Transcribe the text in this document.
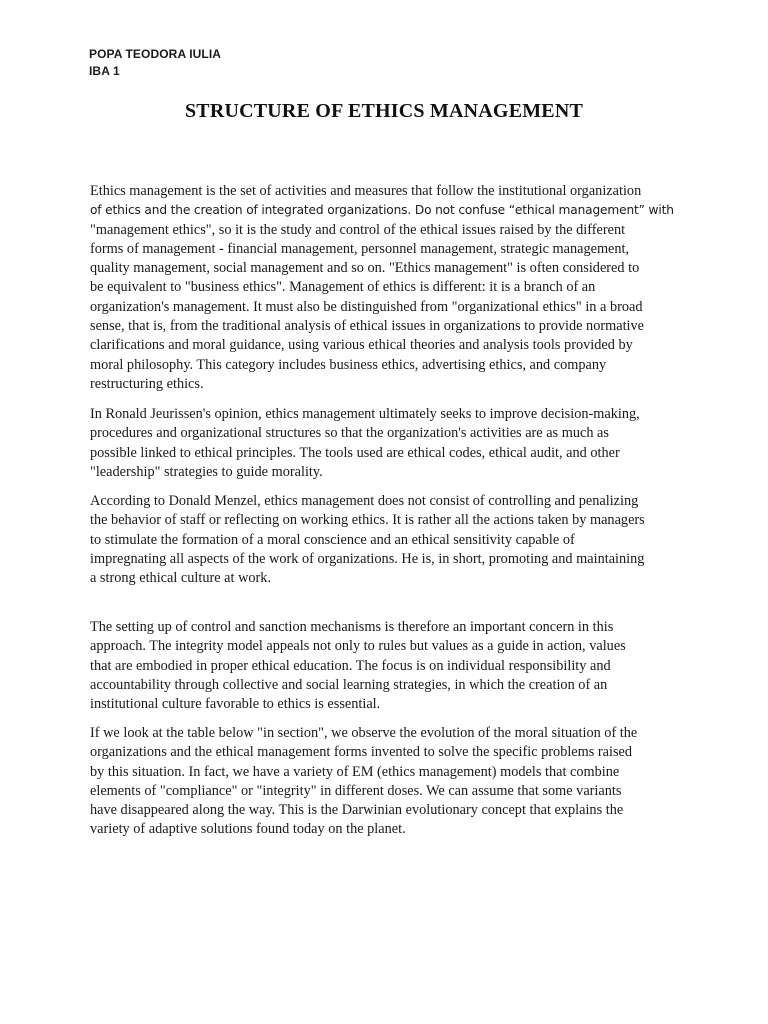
POPA TEODORA IULIA
IBA 1
STRUCTURE OF ETHICS MANAGEMENT
Ethics management is the set of activities and measures that follow the institutional organization
of ethics and the creation of integrated organizations. Do not confuse “ethical management” with
"management ethics", so it is the study and control of the ethical issues raised by the different
forms of management - financial management, personnel management, strategic management,
quality management, social management and so on. "Ethics management" is often considered to
be equivalent to "business ethics". Management of ethics is different: it is a branch of an
organization's management. It must also be distinguished from "organizational ethics" in a broad
sense, that is, from the traditional analysis of ethical issues in organizations to provide normative
clarifications and moral guidance, using various ethical theories and analysis tools provided by
moral philosophy. This category includes business ethics, advertising ethics, and company
restructuring ethics.
In Ronald Jeurissen's opinion, ethics management ultimately seeks to improve decision-making,
procedures and organizational structures so that the organization's activities are as much as
possible linked to ethical principles. The tools used are ethical codes, ethical audit, and other
"leadership" strategies to guide morality.
According to Donald Menzel, ethics management does not consist of controlling and penalizing
the behavior of staff or reflecting on working ethics. It is rather all the actions taken by managers
to stimulate the formation of a moral conscience and an ethical sensitivity capable of
impregnating all aspects of the work of organizations. He is, in short, promoting and maintaining
a strong ethical culture at work.
The setting up of control and sanction mechanisms is therefore an important concern in this
approach. The integrity model appeals not only to rules but values as a guide in action, values
that are embodied in proper ethical education. The focus is on individual responsibility and
accountability through collective and social learning strategies, in which the creation of an
institutional culture favorable to ethics is essential.
If we look at the table below "in section", we observe the evolution of the moral situation of the
organizations and the ethical management forms invented to solve the specific problems raised
by this situation. In fact, we have a variety of EM (ethics management) models that combine
elements of "compliance" or "integrity" in different doses. We can assume that some variants
have disappeared along the way. This is the Darwinian evolutionary concept that explains the
variety of adaptive solutions found today on the planet.
